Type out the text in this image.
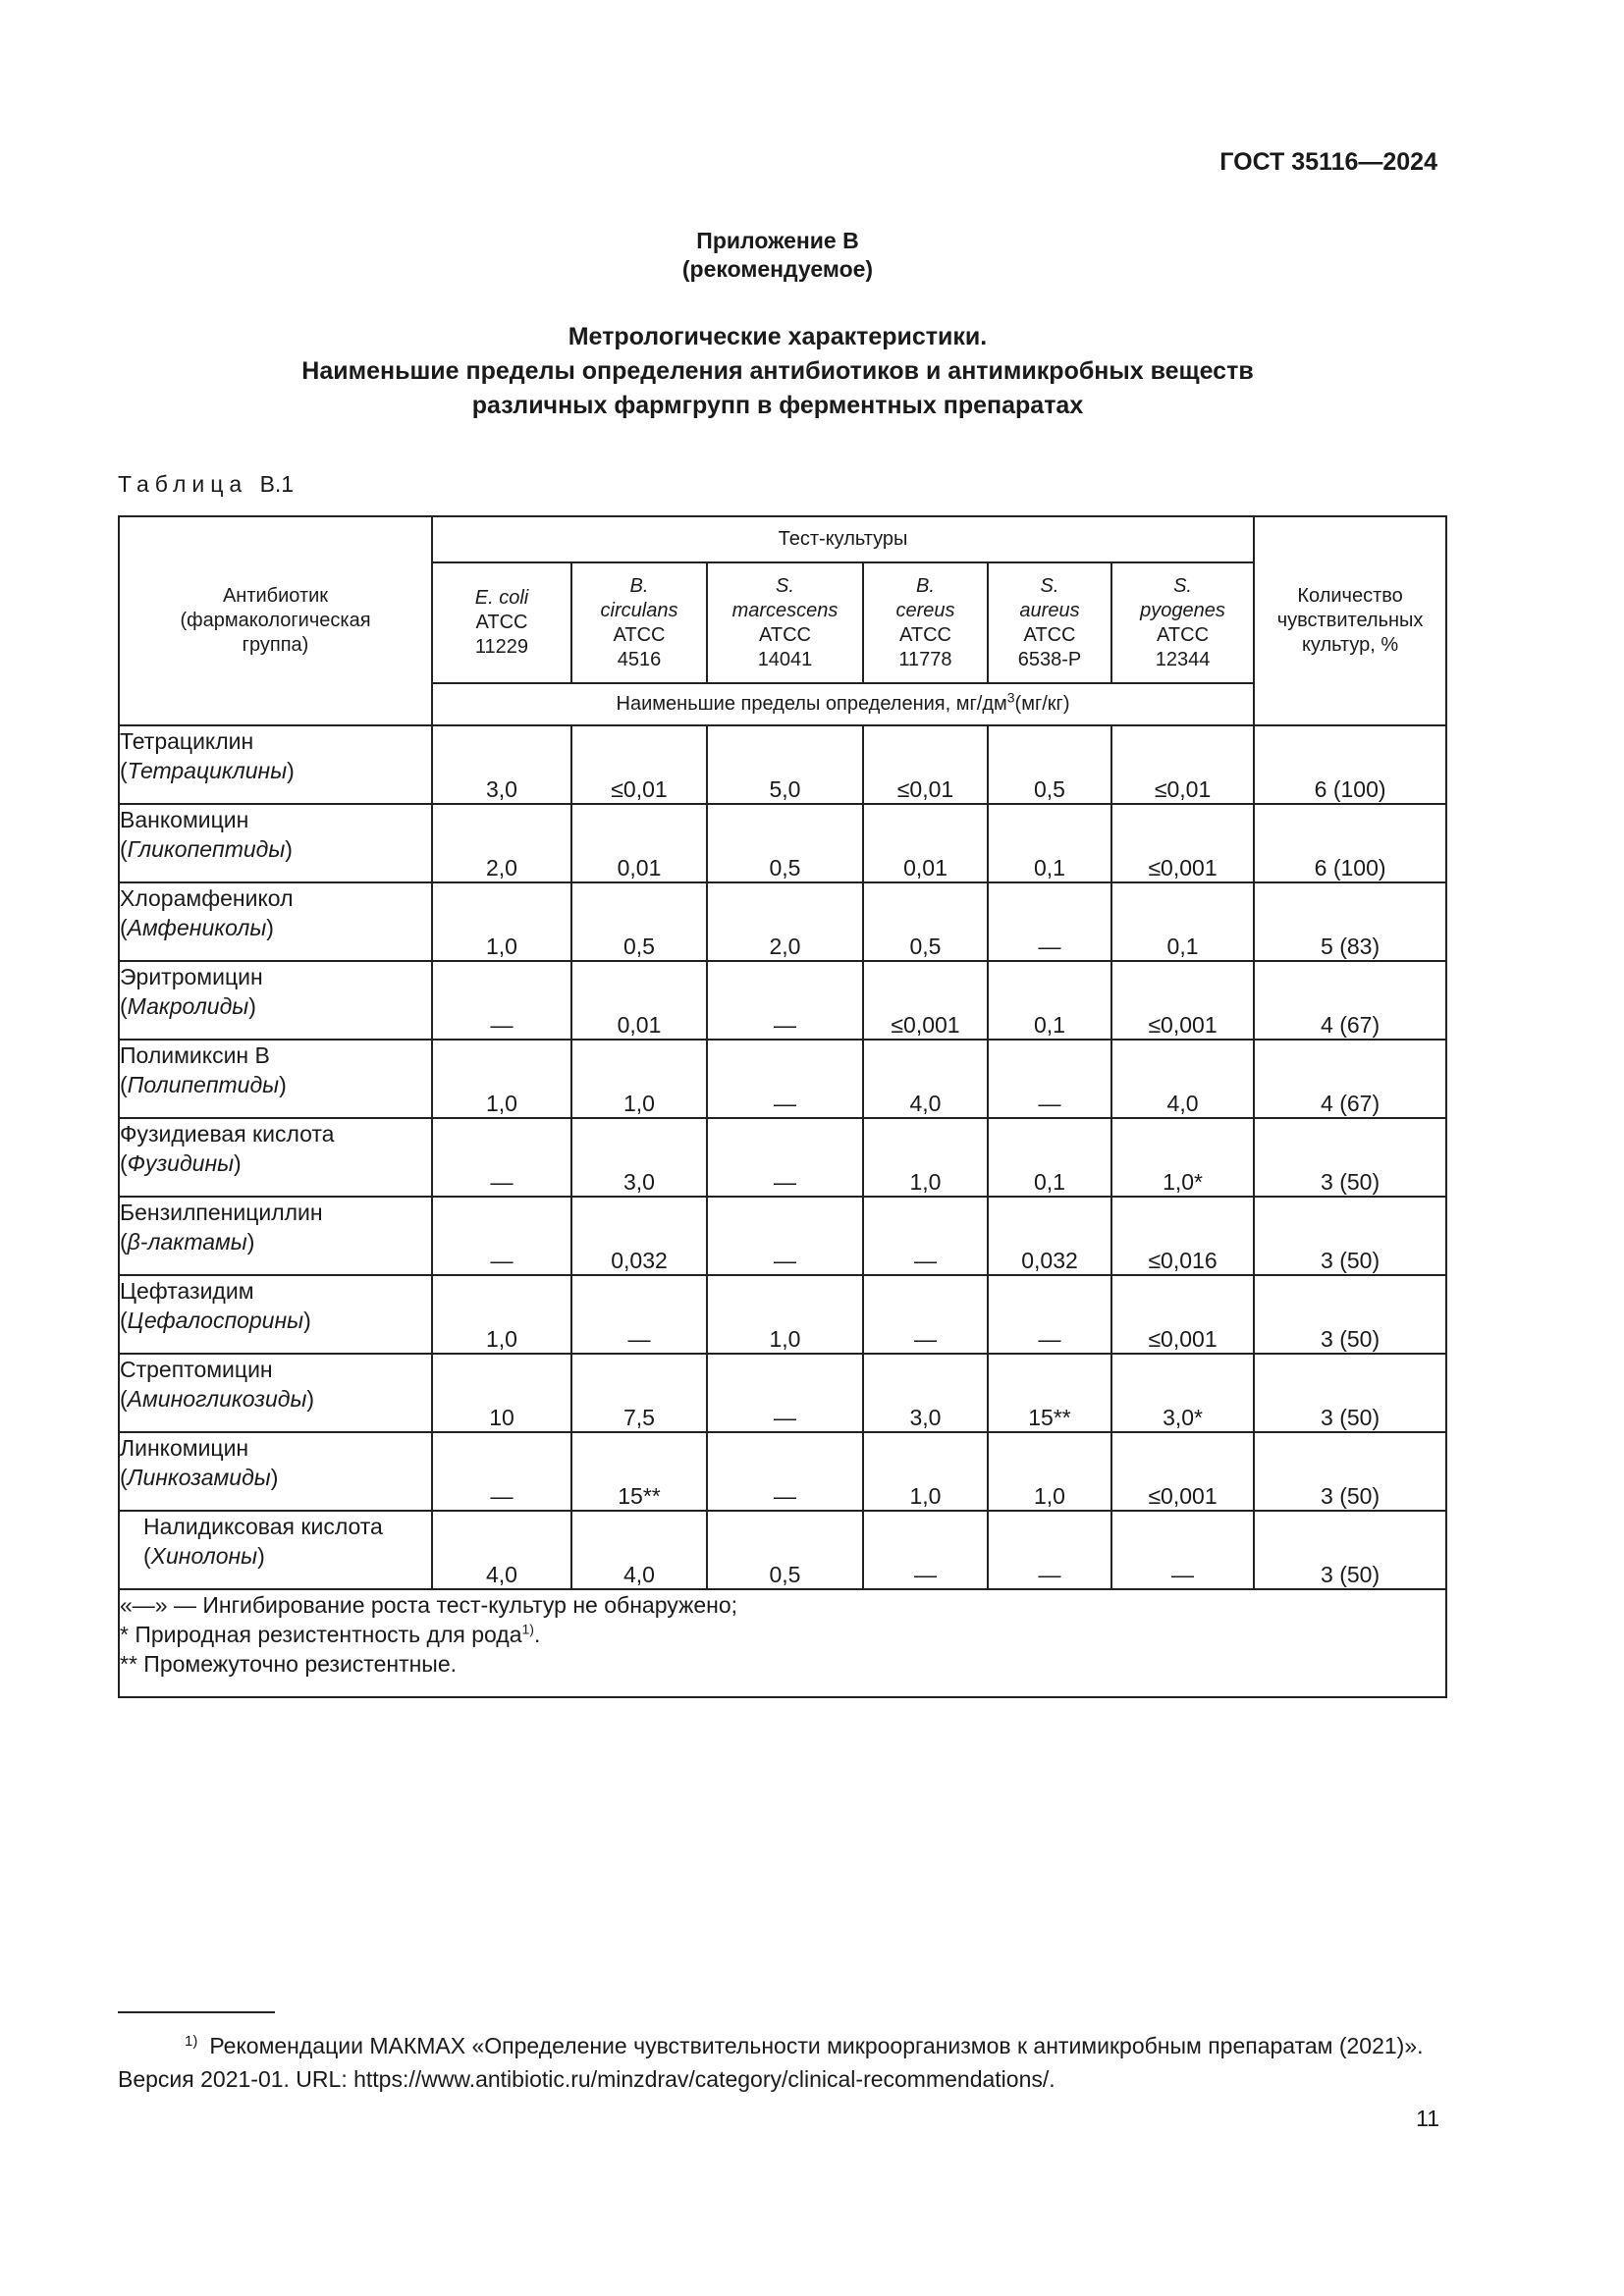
ГОСТ 35116—2024
Приложение В
(рекомендуемое)
Метрологические характеристики.
Наименьшие пределы определения антибиотиков и антимикробных веществ
различных фармгрупп в ферментных препаратах
Таблица В.1
Антибиотик
(фармакологическая
группа)	Тест-культуры						Количество
чувствительных
культур, %

	E. coli
ATCC
11229	B.
circulans
ATCC
4516	S.
marcescens
ATCC
14041	B.
cereus
ATCC
11778	S.
aureus
ATCC
6538-P	S.
pyogenes
ATCC
12344	

	Наименьшие пределы определения, $мг/дм^3(мг/кг)$						

Тетрациклин
(Тетрациклины)	3,0	≤0,01	5,0	≤0,01	0,5	≤0,01	6 (100)

Ванкомицин
(Гликопептиды)	2,0	0,01	0,5	0,01	0,1	≤0,001	6 (100)

Хлорамфеникол
(Амфениколы)	1,0	0,5	2,0	0,5	—	0,1	5 (83)

Эритромицин
(Макролиды)	—	0,01	—	≤0,001	0,1	≤0,001	4 (67)

Полимиксин В
(Полипептиды)	1,0	1,0	—	4,0	—	4,0	4 (67)

Фузидиевая кислота
(Фузидины)	—	3,0	—	1,0	0,1	1,0*	3 (50)

Бензилпенициллин
(β-лактамы)	—	0,032	—	—	0,032	≤0,016	3 (50)

Цефтазидим
(Цефалоспорины)	1,0	—	1,0	—	—	≤0,001	3 (50)

Стрептомицин
(Аминогликозиды)	10	7,5	—	3,0	15**	3,0*	3 (50)

Линкомицин
(Линкозамиды)	—	15**	—	1,0	1,0	≤0,001	3 (50)

Налидиксовая кислота
(Хинолоны)	4,0	4,0	0,5	—	—	—	3 (50)

«—» — Ингибирование роста тест-культур не обнаружено;
* Природная резистентность для рода$^{1)}$.
** Промежуточно резистентные.							
$^{1)}$ Рекомендации МАКМАХ «Определение чувствительности микроорганизмов к антимикробным препаратам (2021)». Версия 2021-01. URL: https://www.antibiotic.ru/minzdrav/category/clinical-recommendations/.
11
